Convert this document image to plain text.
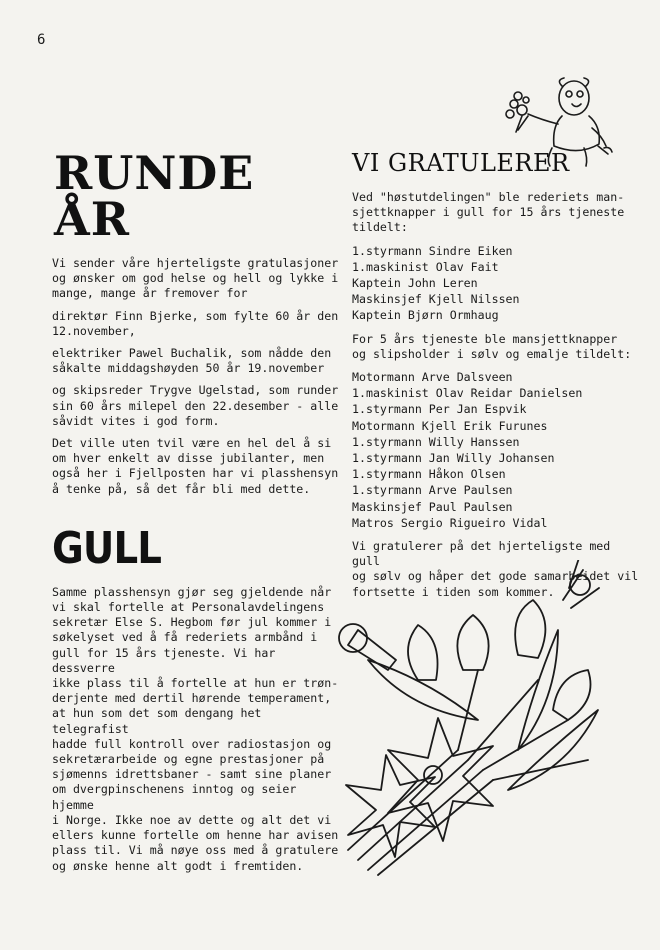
6
RUNDE ÅR

Vi sender våre hjerteligste gratulasjoner
og ønsker om god helse og hell og lykke i
mange, mange år fremover for

direktør Finn Bjerke, som fylte 60 år den
12.november,

elektriker Pawel Buchalik, som nådde den
såkalte middagshøyden 50 år 19.november

og skipsreder Trygve Ugelstad, som runder
sin 60 års milepel den 22.desember - alle
såvidt vites i god form.

Det ville uten tvil være en hel del å si
om hver enkelt av disse jubilanter, men
også her i Fjellposten har vi plasshensyn
å tenke på, så det får bli med dette.

GULL

Samme plasshensyn gjør seg gjeldende når
vi skal fortelle at Personalavdelingens
sekretær Else S. Hegbom før jul kommer i
søkelyset ved å få rederiets armbånd i
gull for 15 års tjeneste. Vi har dessverre
ikke plass til å fortelle at hun er trøn-
derjente med dertil hørende temperament,
at hun som det som dengang het telegrafist
hadde full kontroll over radiostasjon og
sekretærarbeide og egne prestasjoner på
sjømenns idrettsbaner - samt sine planer
om dvergpinschenens inntog og seier hjemme
i Norge. Ikke noe av dette og alt det vi
ellers kunne fortelle om henne har avisen
plass til. Vi må nøye oss med å gratulere
og ønske henne alt godt i fremtiden.

VI GRATULERER

Ved "høstutdelingen" ble rederiets man-
sjettknapper i gull for 15 års tjeneste
tildelt:

1.styrmann Sindre Eiken
1.maskinist Olav Fait
Kaptein John Leren
Maskinsjef Kjell Nilssen
Kaptein Bjørn Ormhaug

For 5 års tjeneste ble mansjettknapper
og slipsholder i sølv og emalje tildelt:

Motormann Arve Dalsveen
1.maskinist Olav Reidar Danielsen
1.styrmann Per Jan Espvik
Motormann Kjell Erik Furunes
1.styrmann Willy Hanssen
1.styrmann Jan Willy Johansen
1.styrmann Håkon Olsen
1.styrmann Arve Paulsen
Maskinsjef Paul Paulsen
Matros Sergio Rigueiro Vidal

Vi gratulerer på det hjerteligste med gull
og sølv og håper det gode samarbeidet vil
fortsette i tiden som kommer.
